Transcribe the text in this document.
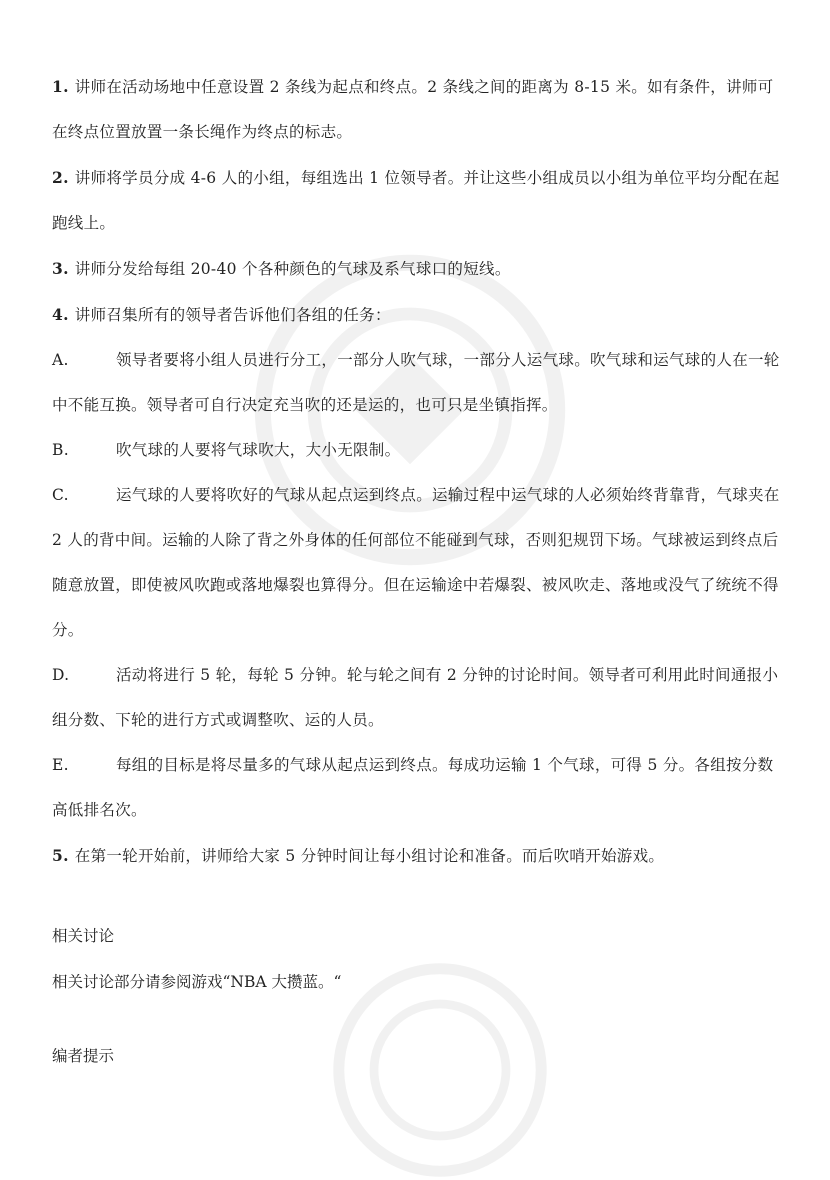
1. 讲师在活动场地中任意设置 2 条线为起点和终点。2 条线之间的距离为 8-15 米。如有条件，讲师可在终点位置放置一条长绳作为终点的标志。

2. 讲师将学员分成 4-6 人的小组，每组选出 1 位领导者。并让这些小组成员以小组为单位平均分配在起跑线上。

3. 讲师分发给每组 20-40 个各种颜色的气球及系气球口的短线。

4. 讲师召集所有的领导者告诉他们各组的任务：

A.	领导者要将小组人员进行分工，一部分人吹气球，一部分人运气球。吹气球和运气球的人在一轮中不能互换。领导者可自行决定充当吹的还是运的，也可只是坐镇指挥。

B.	吹气球的人要将气球吹大，大小无限制。

C.	运气球的人要将吹好的气球从起点运到终点。运输过程中运气球的人必须始终背靠背，气球夹在 2 人的背中间。运输的人除了背之外身体的任何部位不能碰到气球，否则犯规罚下场。气球被运到终点后随意放置，即使被风吹跑或落地爆裂也算得分。但在运输途中若爆裂、被风吹走、落地或没气了统统不得分。

D.	活动将进行 5 轮，每轮 5 分钟。轮与轮之间有 2 分钟的讨论时间。领导者可利用此时间通报小组分数、下轮的进行方式或调整吹、运的人员。

E.	每组的目标是将尽量多的气球从起点运到终点。每成功运输 1 个气球，可得 5 分。各组按分数高低排名次。

5. 在第一轮开始前，讲师给大家 5 分钟时间让每小组讨论和准备。而后吹哨开始游戏。

相关讨论

相关讨论部分请参阅游戏“NBA 大攒蓝。“

编者提示
